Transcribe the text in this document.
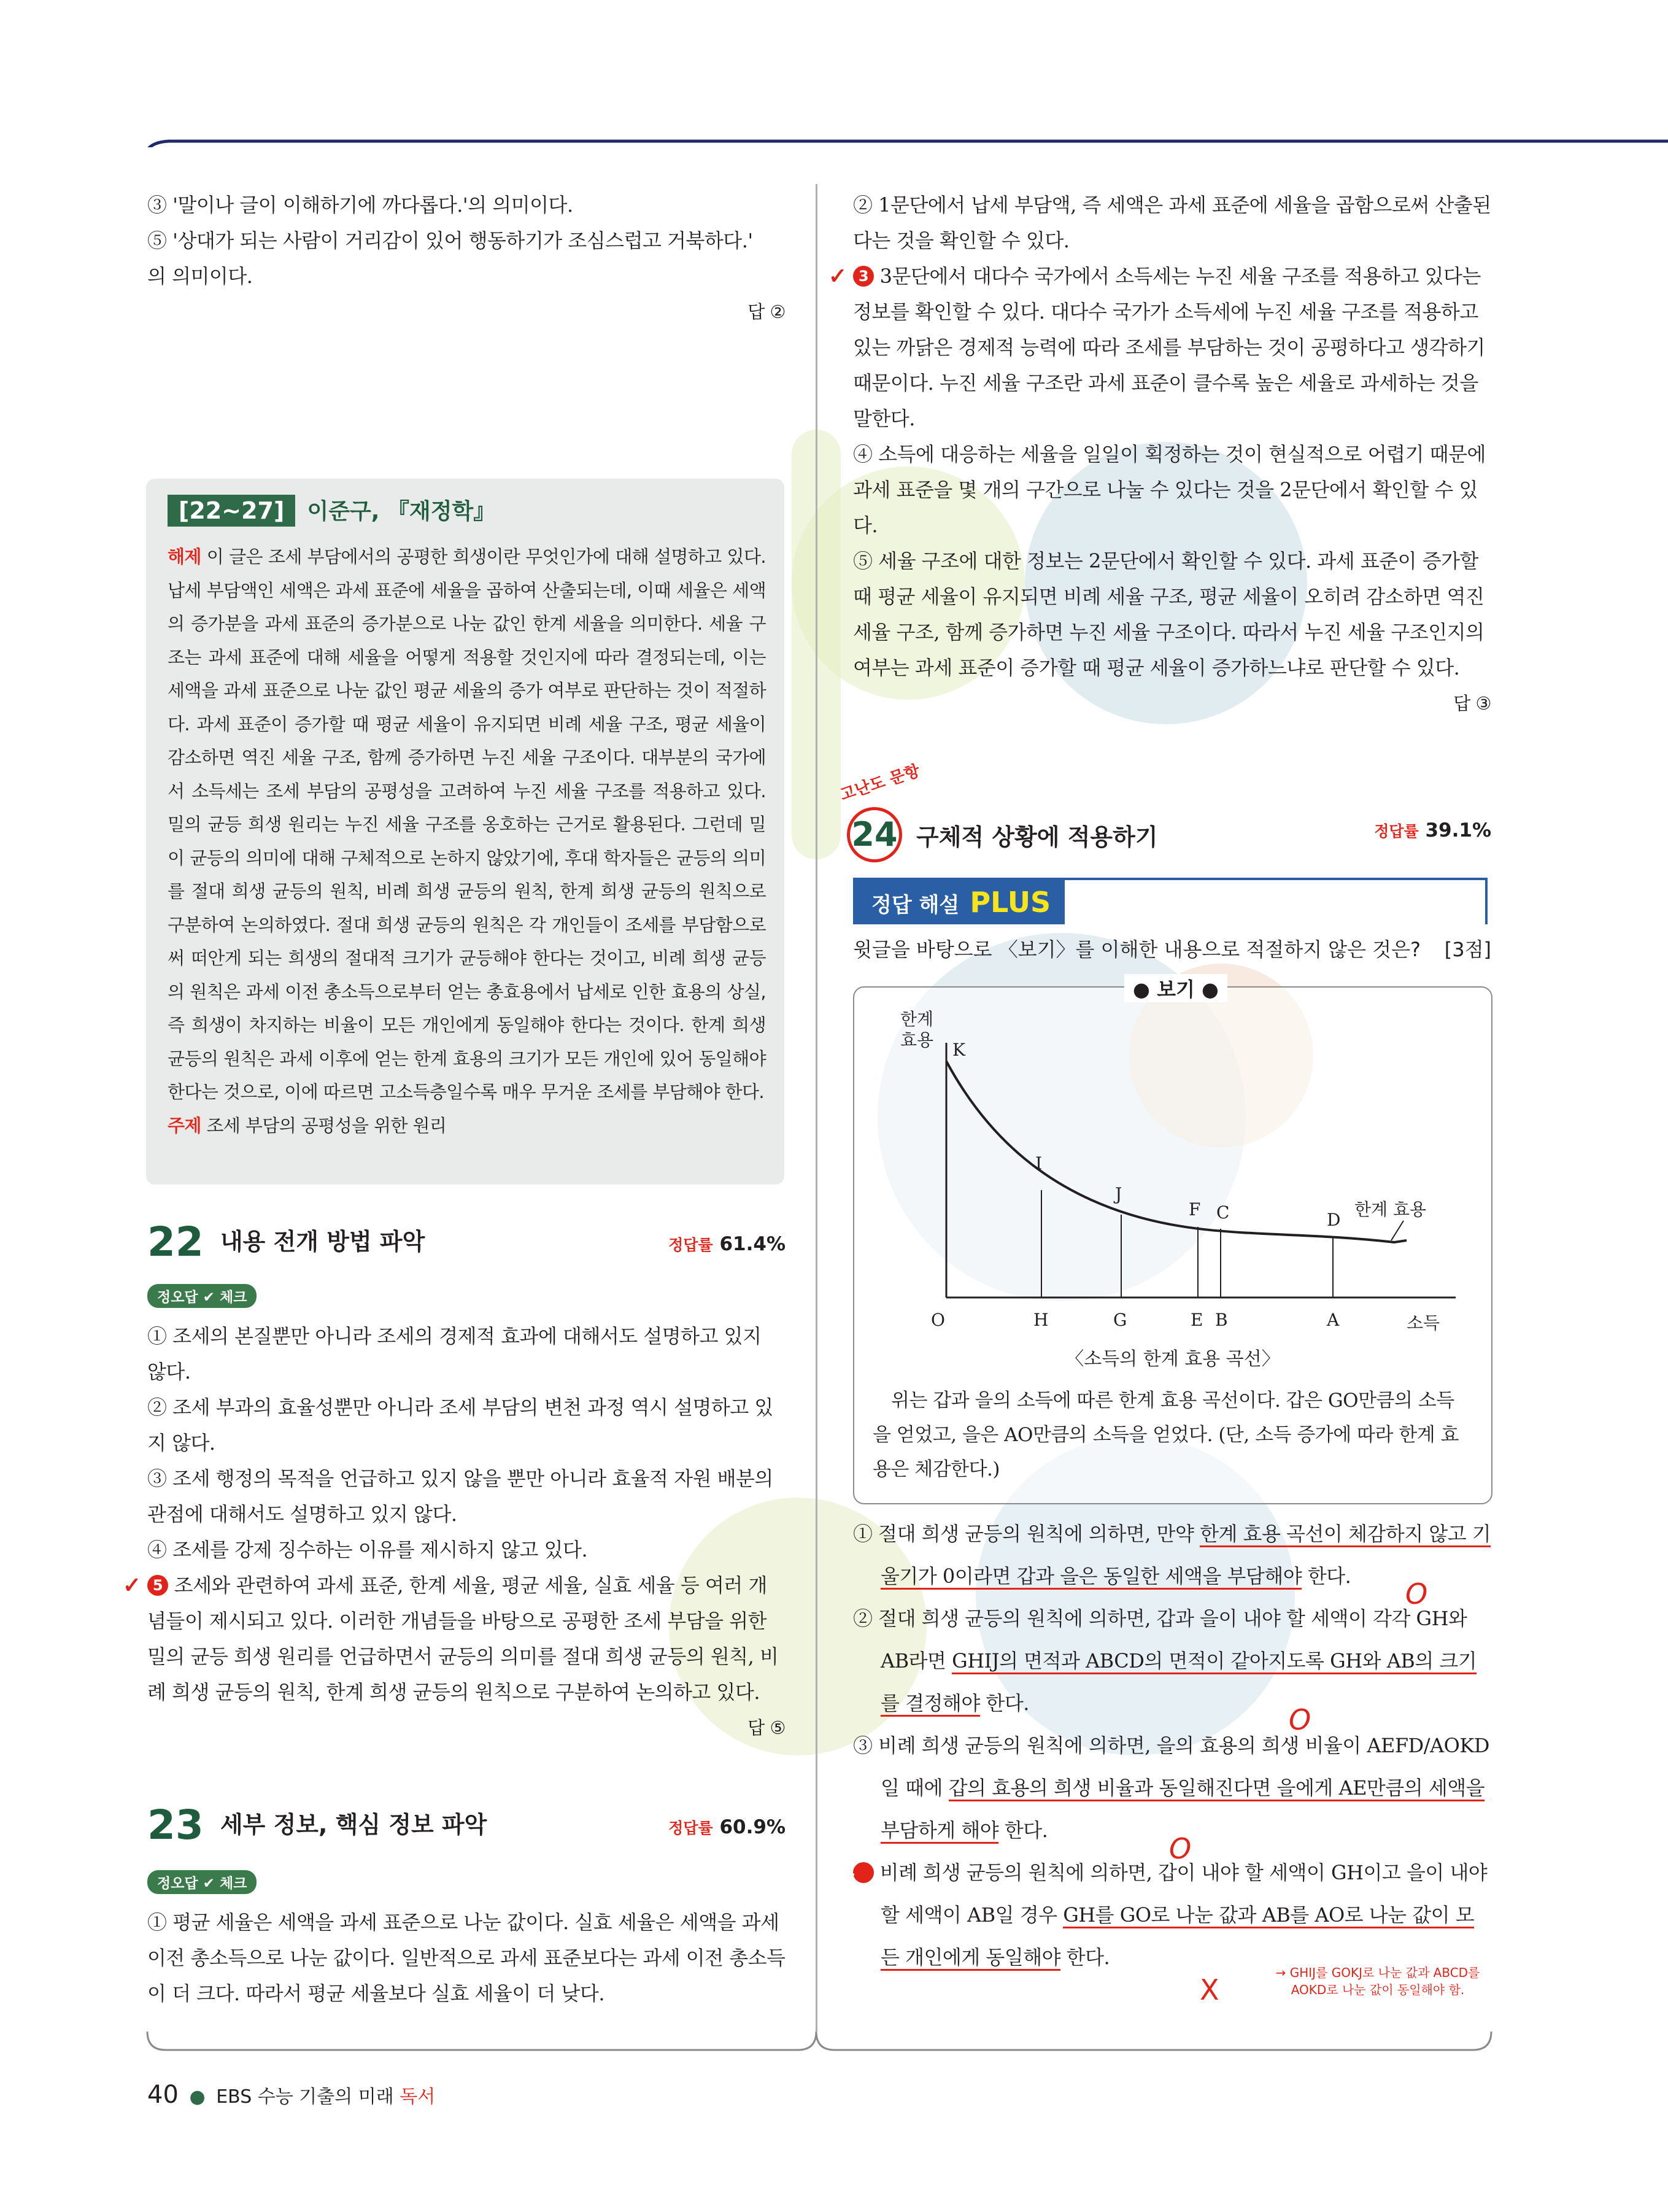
③ '말이나 글이 이해하기에 까다롭다.'의 의미이다.

⑤ '상대가 되는 사람이 거리감이 있어 행동하기가 조심스럽고 거북하다.'

의 의미이다.

답 ②

[22~27] 이준구, 『재정학』
해제 이 글은 조세 부담에서의 공평한 희생이란 무엇인가에 대해 설명하고 있다. 납세 부담액인 세액은 과세 표준에 세율을 곱하여 산출되는데, 이때 세율은 세액의 증가분을 과세 표준의 증가분으로 나눈 값인 한계 세율을 의미한다. 세율 구조는 과세 표준에 대해 세율을 어떻게 적용할 것인지에 따라 결정되는데, 이는 세액을 과세 표준으로 나눈 값인 평균 세율의 증가 여부로 판단하는 것이 적절하다. 과세 표준이 증가할 때 평균 세율이 유지되면 비례 세율 구조, 평균 세율이 감소하면 역진 세율 구조, 함께 증가하면 누진 세율 구조이다. 대부분의 국가에서 소득세는 조세 부담의 공평성을 고려하여 누진 세율 구조를 적용하고 있다. 밀의 균등 희생 원리는 누진 세율 구조를 옹호하는 근거로 활용된다. 그런데 밀이 균등의 의미에 대해 구체적으로 논하지 않았기에, 후대 학자들은 균등의 의미를 절대 희생 균등의 원칙, 비례 희생 균등의 원칙, 한계 희생 균등의 원칙으로 구분하여 논의하였다. 절대 희생 균등의 원칙은 각 개인들이 조세를 부담함으로써 떠안게 되는 희생의 절대적 크기가 균등해야 한다는 것이고, 비례 희생 균등의 원칙은 과세 이전 총소득으로부터 얻는 총효용에서 납세로 인한 효용의 상실, 즉 희생이 차지하는 비율이 모든 개인에게 동일해야 한다는 것이다. 한계 희생 균등의 원칙은 과세 이후에 얻는 한계 효용의 크기가 모든 개인에 있어 동일해야 한다는 것으로, 이에 따르면 고소득층일수록 매우 무거운 조세를 부담해야 한다.
주제 조세 부담의 공평성을 위한 원리
22 내용 전개 방법 파악	정답률 61.4%
정오답 ✔ 체크

① 조세의 본질뿐만 아니라 조세의 경제적 효과에 대해서도 설명하고 있지 않다.

② 조세 부과의 효율성뿐만 아니라 조세 부담의 변천 과정 역시 설명하고 있지 않다.

③ 조세 행정의 목적을 언급하고 있지 않을 뿐만 아니라 효율적 자원 배분의 관점에 대해서도 설명하고 있지 않다.

④ 조세를 강제 징수하는 이유를 제시하지 않고 있다.

✓ 5 조세와 관련하여 과세 표준, 한계 세율, 평균 세율, 실효 세율 등 여러 개념들이 제시되고 있다. 이러한 개념들을 바탕으로 공평한 조세 부담을 위한 밀의 균등 희생 원리를 언급하면서 균등의 의미를 절대 희생 균등의 원칙, 비례 희생 균등의 원칙, 한계 희생 균등의 원칙으로 구분하여 논의하고 있다.

답 ⑤

23 세부 정보, 핵심 정보 파악	정답률 60.9%
정오답 ✔ 체크

① 평균 세율은 세액을 과세 표준으로 나눈 값이다. 실효 세율은 세액을 과세 이전 총소득으로 나눈 값이다. 일반적으로 과세 표준보다는 과세 이전 총소득이 더 크다. 따라서 평균 세율보다 실효 세율이 더 낮다.

② 1문단에서 납세 부담액, 즉 세액은 과세 표준에 세율을 곱함으로써 산출된다는 것을 확인할 수 있다.

✓ 3 3문단에서 대다수 국가에서 소득세는 누진 세율 구조를 적용하고 있다는 정보를 확인할 수 있다. 대다수 국가가 소득세에 누진 세율 구조를 적용하고 있는 까닭은 경제적 능력에 따라 조세를 부담하는 것이 공평하다고 생각하기 때문이다. 누진 세율 구조란 과세 표준이 클수록 높은 세율로 과세하는 것을 말한다.

④ 소득에 대응하는 세율을 일일이 획정하는 것이 현실적으로 어렵기 때문에 과세 표준을 몇 개의 구간으로 나눌 수 있다는 것을 2문단에서 확인할 수 있다.

⑤ 세율 구조에 대한 정보는 2문단에서 확인할 수 있다. 과세 표준이 증가할 때 평균 세율이 유지되면 비례 세율 구조, 평균 세율이 오히려 감소하면 역진 세율 구조, 함께 증가하면 누진 세율 구조이다. 따라서 누진 세율 구조인지의 여부는 과세 표준이 증가할 때 평균 세율이 증가하느냐로 판단할 수 있다.

답 ③

고난도 문항
24 구체적 상황에 적용하기	정답률 39.1%
정답 해설 PLUS
윗글을 바탕으로 〈보기〉를 이해한 내용으로 적절하지 않은 것은? [3점]
● 보기 ●
한계
효용 K
I
J
F C	D
한계 효용
O	H	G	E B	A	소득
〈소득의 한계 효용 곡선〉
위는 갑과 을의 소득에 따른 한계 효용 곡선이다. 갑은 GO만큼의 소득을 얻었고, 을은 AO만큼의 소득을 얻었다. (단, 소득 증가에 따라 한계 효용은 체감한다.)
① 절대 희생 균등의 원칙에 의하면, 만약 한계 효용 곡선이 체감하지 않고 기울기가 0이라면 갑과 을은 동일한 세액을 부담해야 한다.
② 절대 희생 균등의 원칙에 의하면, 갑과 을이 내야 할 세액이 각각 GH와 AB라면 GHIJ의 면적과 ABCD의 면적이 같아지도록 GH와 AB의 크기를 결정해야 한다.
③ 비례 희생 균등의 원칙에 의하면, 을의 효용의 희생 비율이 AEFD/AOKD일 때에 갑의 효용의 희생 비율과 동일해진다면 을에게 AE만큼의 세액을 부담하게 해야 한다.
4 비례 희생 균등의 원칙에 의하면, 갑이 내야 할 세액이 GH이고 을이 내야 할 세액이 AB일 경우 GH를 GO로 나눈 값과 AB를 AO로 나눈 값이 모든 개인에게 동일해야 한다.
O
O
O
X
→ GHIJ를 GOKJ로 나눈 값과 ABCD를
AOKD로 나눈 값이 동일해야 함.
40 ● EBS 수능 기출의 미래 독서
